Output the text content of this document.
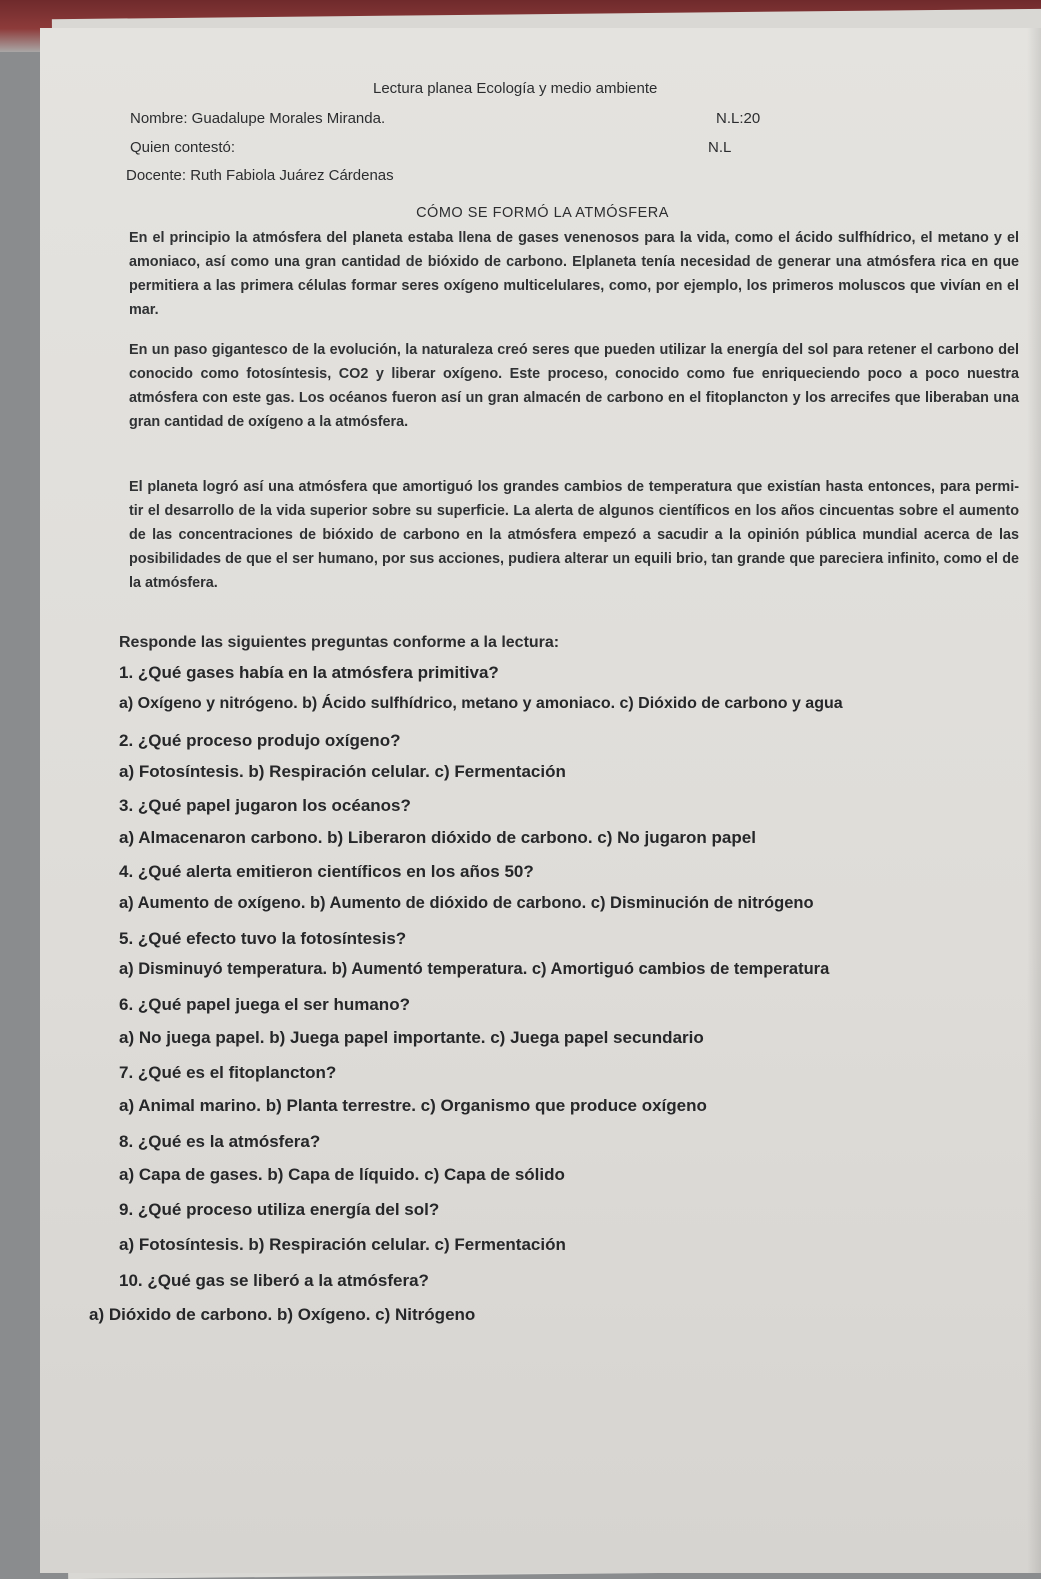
Lectura planea Ecología y medio ambiente
Nombre: Guadalupe Morales Miranda.	N.L:20
Quien contestó:	N.L
Docente: Ruth Fabiola Juárez Cárdenas
CÓMO SE FORMÓ LA ATMÓSFERA
En el principio la atmósfera del planeta estaba llena de gases venenosos para la vida, como el ácido sulfhídrico, el metano y el amoniaco, así como una gran cantidad de bióxido de carbono. Elplaneta tenía necesidad de generar una atmósfera rica en que permitiera a las primera células formar seres oxígeno multicelulares, como, por ejemplo, los primeros moluscos que vivían en el mar.
En un paso gigantesco de la evolución, la naturaleza creó seres que pueden utilizar la energía del sol para retener el carbono del conocido como fotosíntesis, CO2 y liberar oxígeno. Este proceso, conocido como fue enriqueciendo poco a poco nuestra atmósfera con este gas. Los océanos fueron así un gran almacén de carbono en el fitoplancton y los arrecifes que liberaban una gran cantidad de oxígeno a la atmósfera.
El planeta logró así una atmósfera que amortiguó los grandes cambios de temperatura que existían hasta entonces, para permi- tir el desarrollo de la vida superior sobre su superficie. La alerta de algunos científicos en los años cincuentas sobre el aumento de las concentraciones de bióxido de carbono en la atmósfera empezó a sacudir a la opinión pública mundial acerca de las posibilidades de que el ser humano, por sus acciones, pudiera alterar un equili brio, tan grande que pareciera infinito, como el de la atmósfera.
Responde las siguientes preguntas conforme a la lectura:
1. ¿Qué gases había en la atmósfera primitiva?
a) Oxígeno y nitrógeno. b) Ácido sulfhídrico, metano y amoniaco. c) Dióxido de carbono y agua
2. ¿Qué proceso produjo oxígeno?
a) Fotosíntesis. b) Respiración celular. c) Fermentación
3. ¿Qué papel jugaron los océanos?
a) Almacenaron carbono. b) Liberaron dióxido de carbono. c) No jugaron papel
4. ¿Qué alerta emitieron científicos en los años 50?
a) Aumento de oxígeno. b) Aumento de dióxido de carbono. c) Disminución de nitrógeno
5. ¿Qué efecto tuvo la fotosíntesis?
a) Disminuyó temperatura. b) Aumentó temperatura. c) Amortiguó cambios de temperatura
6. ¿Qué papel juega el ser humano?
a) No juega papel. b) Juega papel importante. c) Juega papel secundario
7. ¿Qué es el fitoplancton?
a) Animal marino. b) Planta terrestre. c) Organismo que produce oxígeno
8. ¿Qué es la atmósfera?
a) Capa de gases. b) Capa de líquido. c) Capa de sólido
9. ¿Qué proceso utiliza energía del sol?
a) Fotosíntesis. b) Respiración celular. c) Fermentación
10. ¿Qué gas se liberó a la atmósfera?
a) Dióxido de carbono. b) Oxígeno. c) Nitrógeno
